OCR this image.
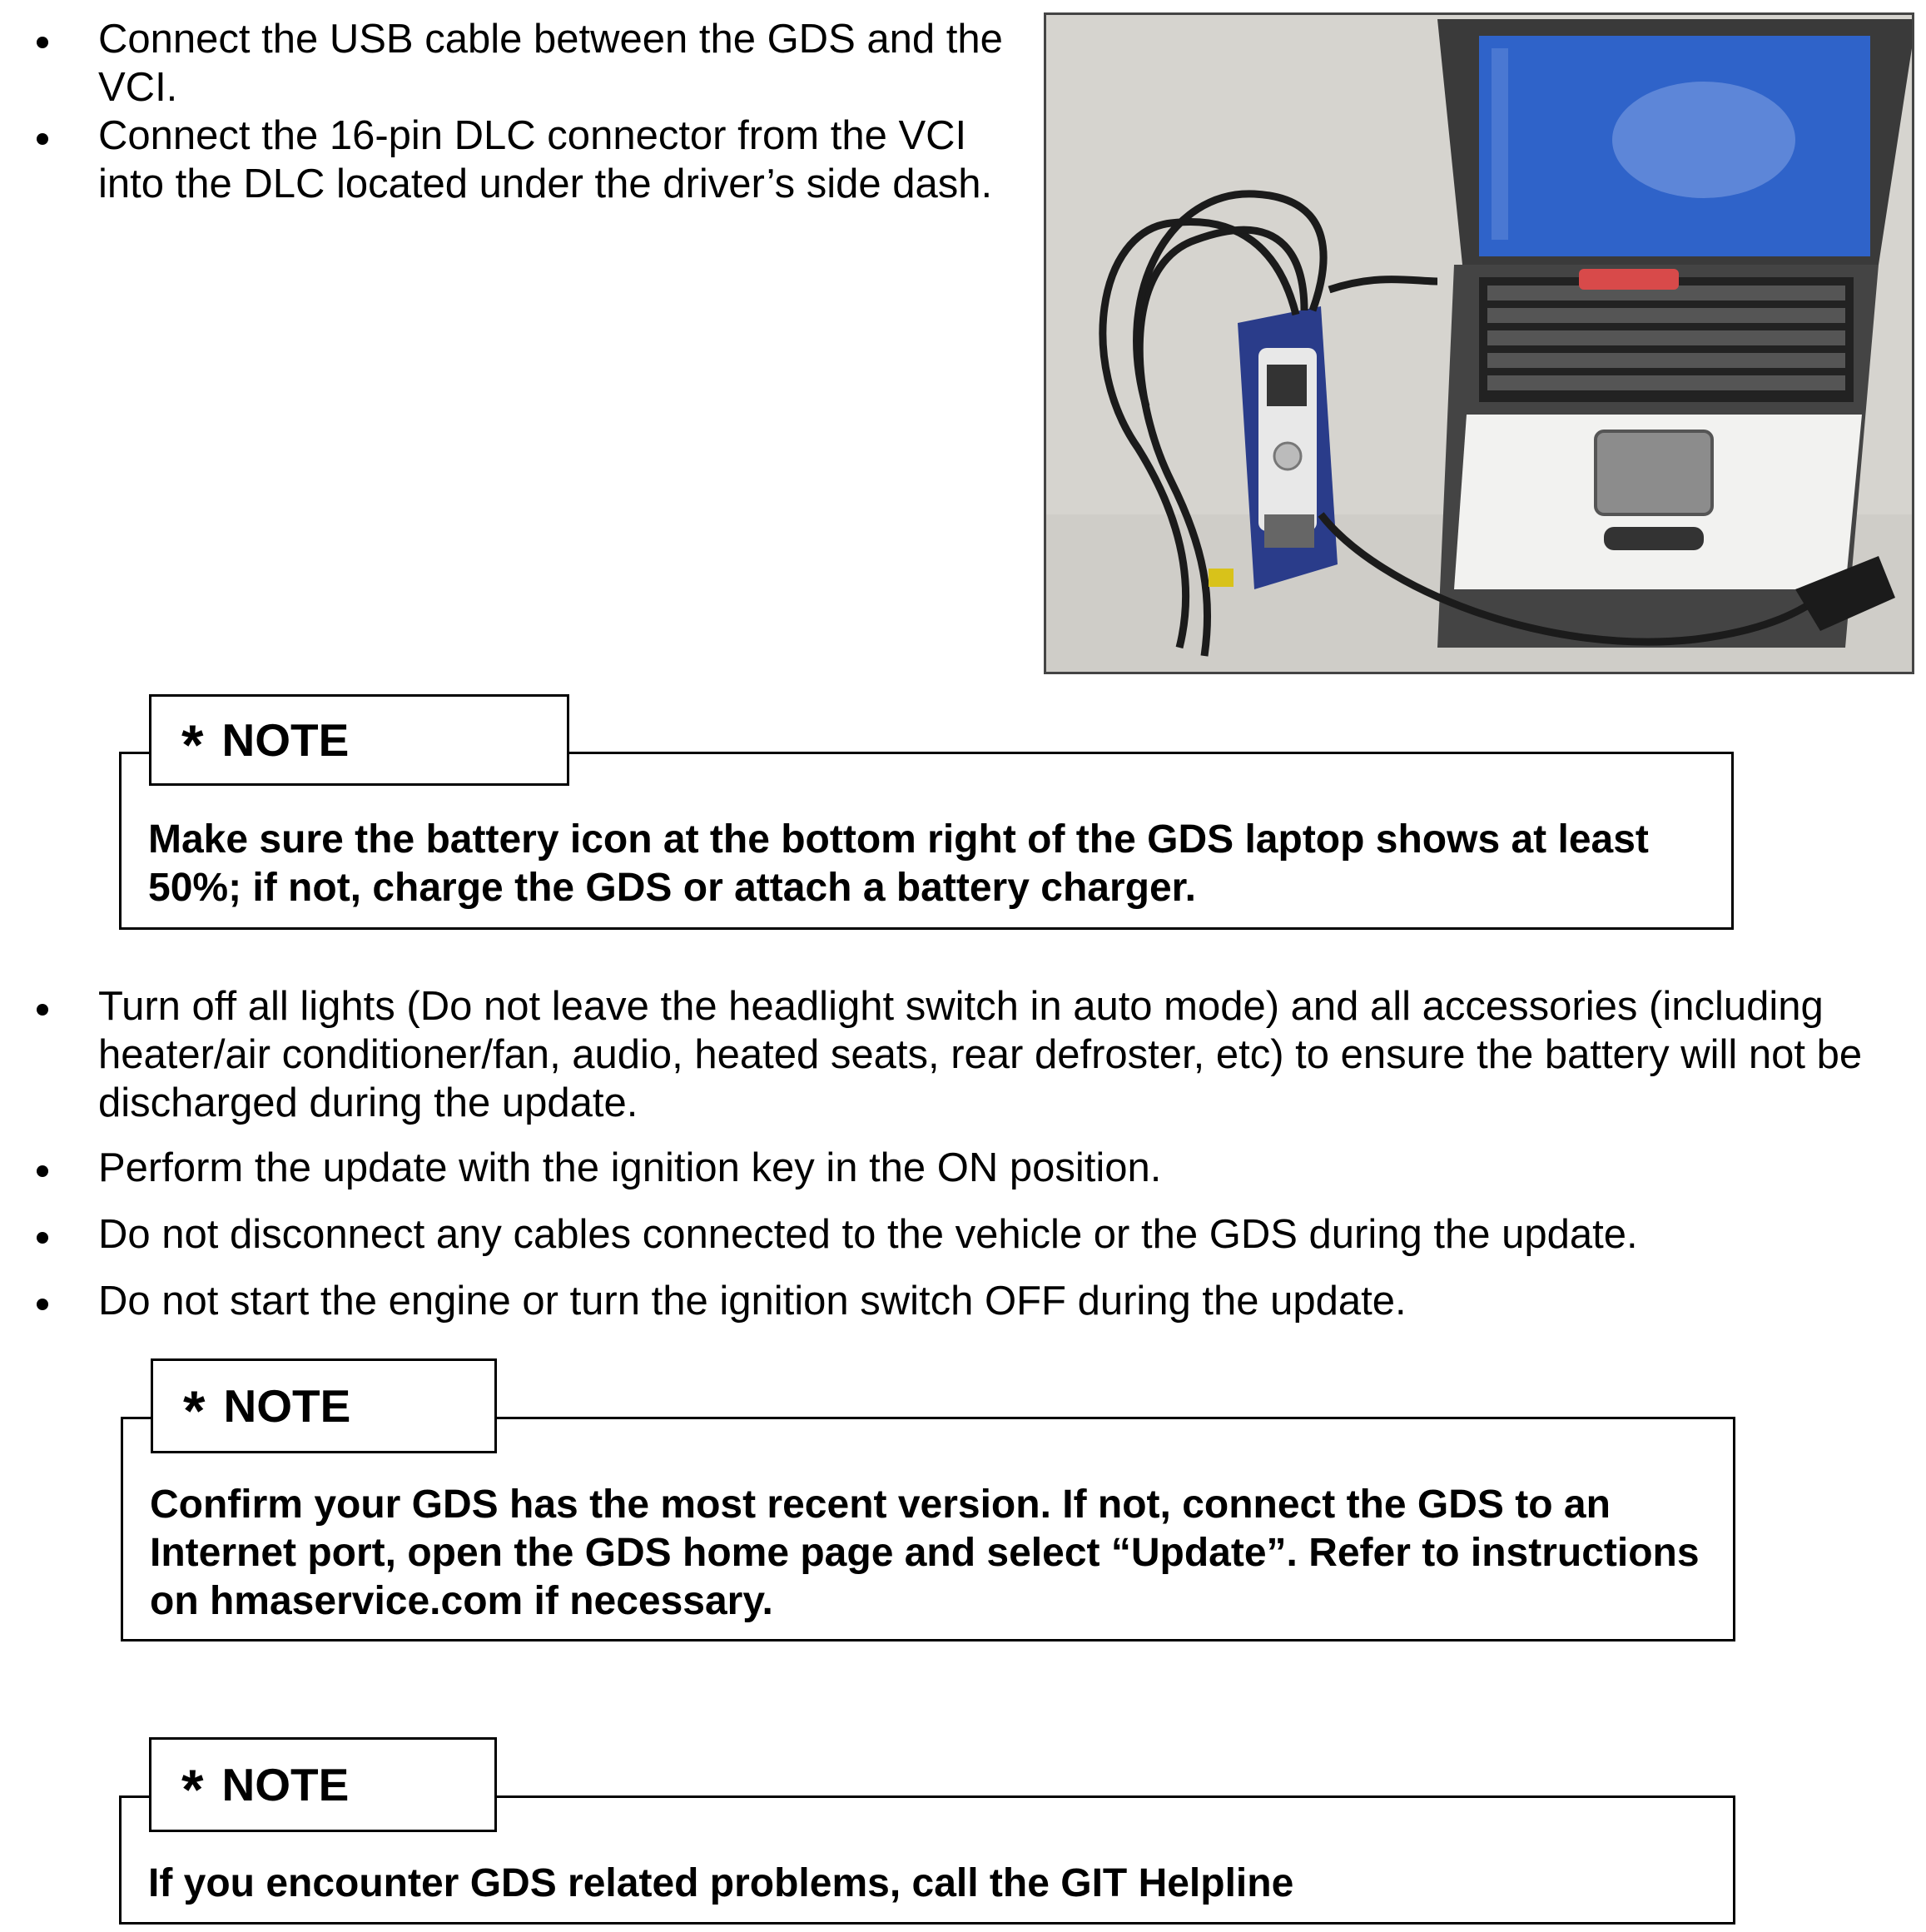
Connect the USB cable between the GDS and the VCI.
Connect the 16-pin DLC connector from the VCI into the DLC located under the driver’s side dash.
Make sure the battery icon at the bottom right of the GDS laptop shows at least 50%; if not, charge the GDS or attach a battery charger.
* NOTE
Turn off all lights (Do not leave the headlight switch in auto mode) and all accessories (including heater/air conditioner/fan, audio, heated seats, rear defroster, etc) to ensure the battery will not be discharged during the update.
Perform the update with the ignition key in the ON position.
Do not disconnect any cables connected to the vehicle or the GDS during the update.
Do not start the engine or turn the ignition switch OFF during the update.
Confirm your GDS has the most recent version. If not, connect the GDS to an Internet port, open the GDS home page and select “Update”. Refer to instructions on hmaservice.com if necessary.
* NOTE
If you encounter GDS related problems, call the GIT Helpline
* NOTE
